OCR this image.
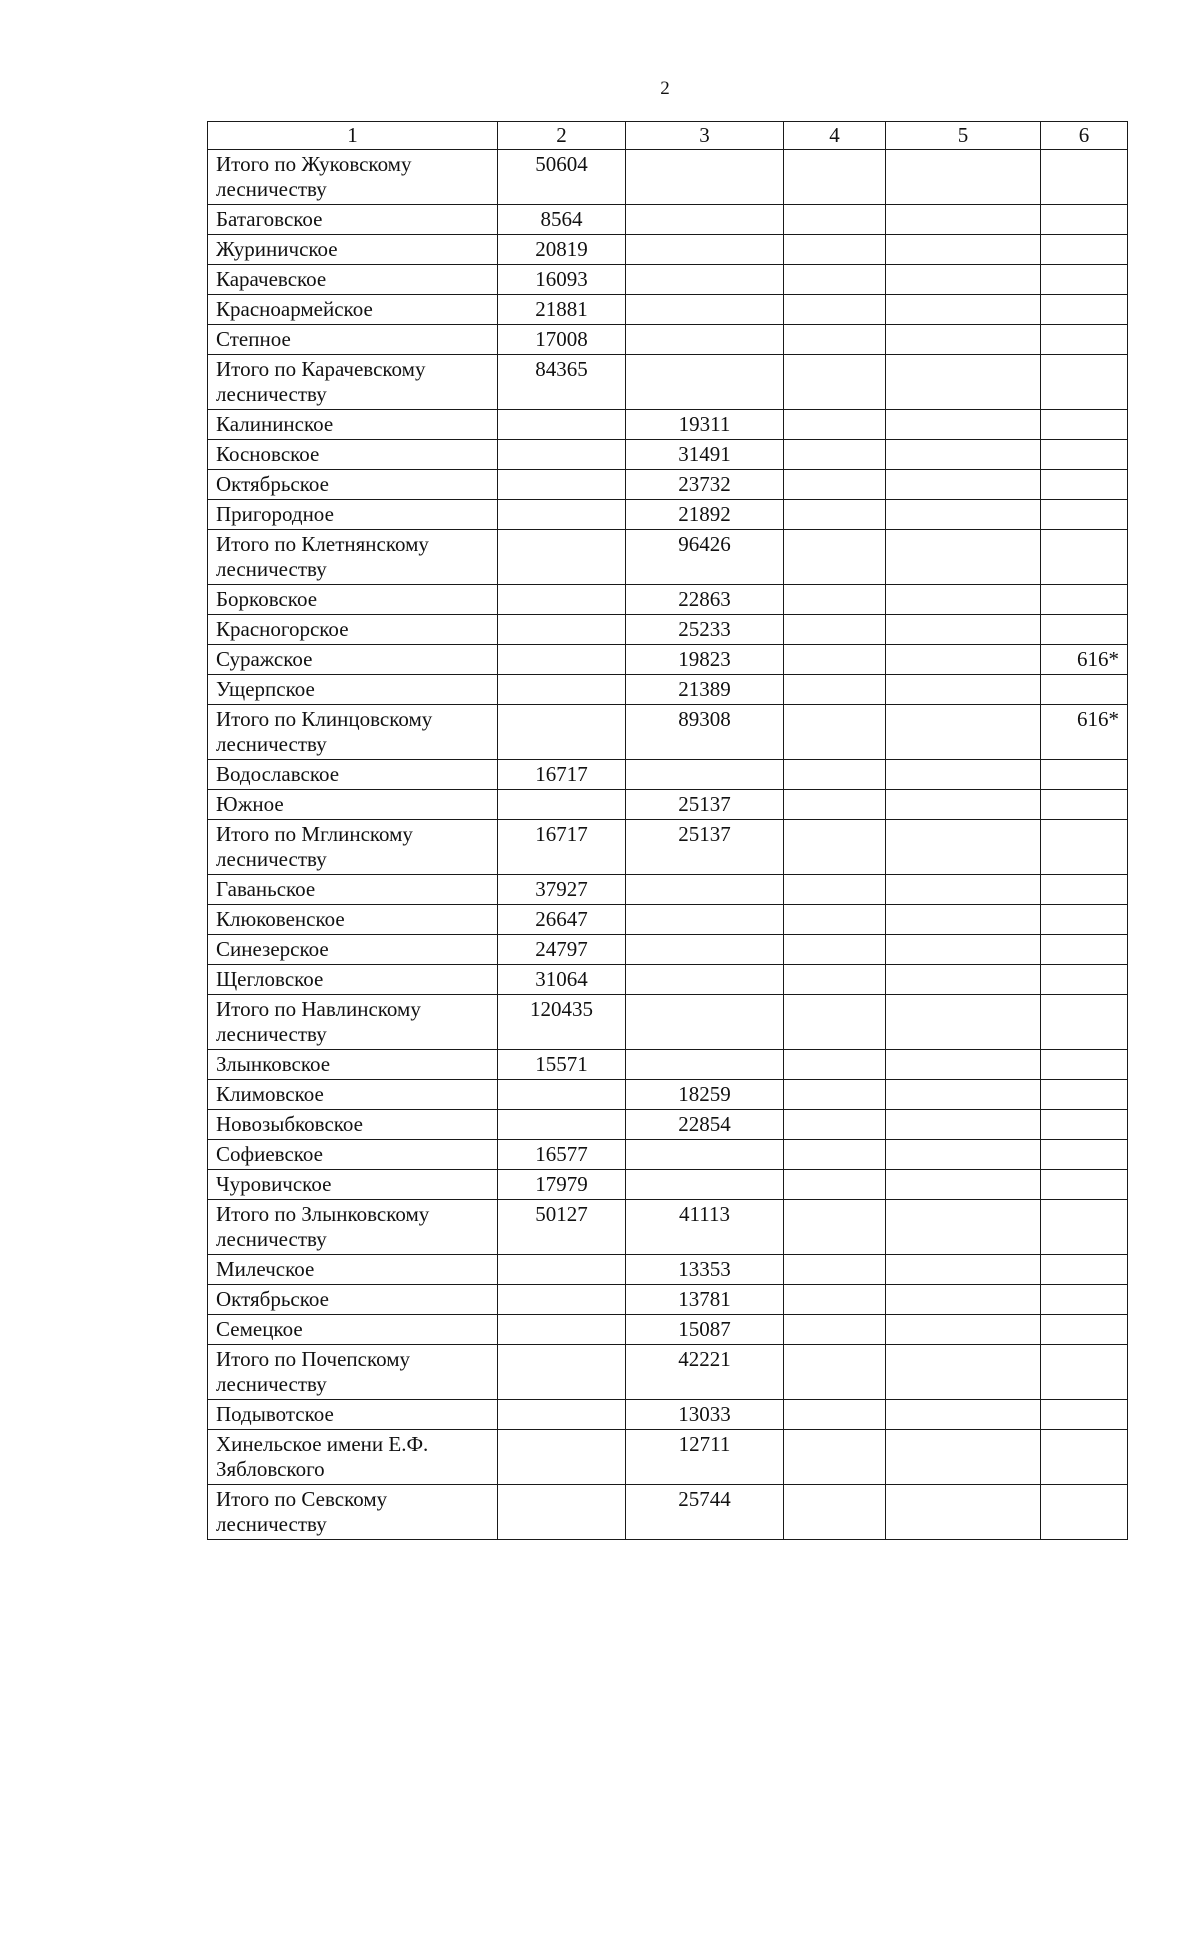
2
1	2	3	4	5	6
Итого по Жуковскому лесничеству	50604				
Батаговское	8564				
Журиничское	20819				
Карачевское	16093				
Красноармейское	21881				
Степное	17008				
Итого по Карачевскому лесничеству	84365				
Калининское		19311			
Косновское		31491			
Октябрьское		23732			
Пригородное		21892			
Итого по Клетнянскому лесничеству		96426			
Борковское		22863			
Красногорское		25233			
Суражское		19823			616*
Ущерпское		21389			
Итого по Клинцовскому лесничеству		89308			616*
Водославское	16717				
Южное		25137			
Итого по Мглинскому лесничеству	16717	25137			
Гаваньское	37927				
Клюковенское	26647				
Синезерское	24797				
Щегловское	31064				
Итого по Навлинскому лесничеству	120435				
Злынковское	15571				
Климовское		18259			
Новозыбковское		22854			
Софиевское	16577				
Чуровичское	17979				
Итого по Злынковскому лесничеству	50127	41113			
Милечское		13353			
Октябрьское		13781			
Семецкое		15087			
Итого по Почепскому лесничеству		42221			
Подывотское		13033			
Хинельское имени Е.Ф. Зябловского		12711			
Итого по Севскому лесничеству		25744			
